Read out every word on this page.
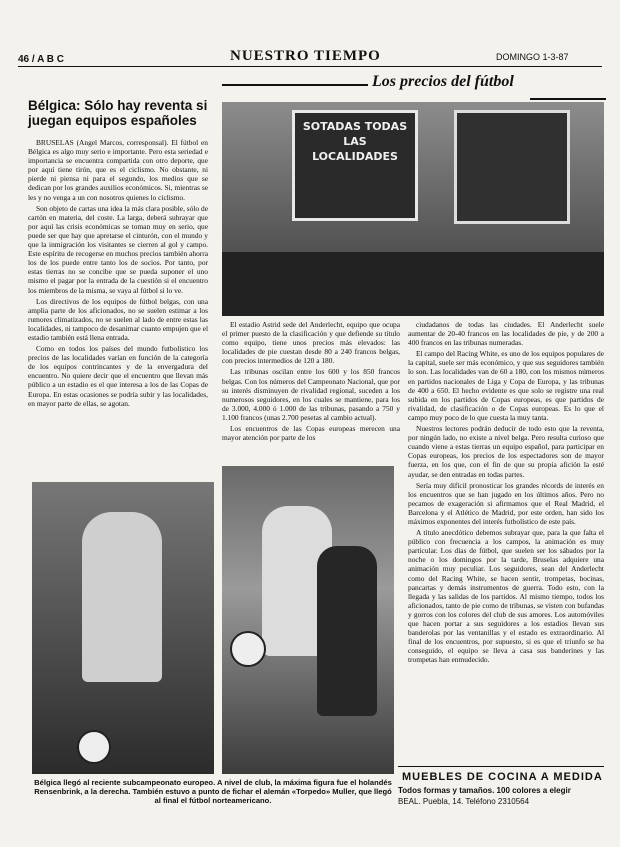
46 / A B C	NUESTRO TIEMPO	DOMINGO 1-3-87
Los precios del fútbol
Bélgica: Sólo hay reventa si juegan equipos españoles

BRUSELAS (Angel Marcos, corresponsal). El fútbol en Bélgica es algo muy serio e importante. Pero esta seriedad e importancia se encuentra compartida con otro deporte, que por aquí tiene tirón, que es el ciclismo. No obstante, ni pierde ni piensa ni para el segundo, los medios que se dedican por los grandes auxilios económicos. Si, mientras se les y no venga a un con nosotros quienes lo ciclismo.

Son objeto de cartas una idea la más clara posible, sólo de cartón en materia, del coste. La larga, deberá subrayar que por aquí las crisis económicas se toman muy en serio, que puede ser que hay que apretarse el cinturón, con el mundo y que la inmigración los visitantes se cierren al gol y campo. Este espíritu de recogerse en muchos precios también ahorra los de los puede entre tanto los de socios. Por tanto, por estas tierras no se concibe que se pueda suponer el uno mismo el pagar por la entrada de la cuestión si el encuentro los miembros de la misma, se vaya al fútbol si lo ve.

Los directivos de los equipos de fútbol belgas, con una amplia parte de los aficionados, no se suelen estimar a los rumores climatizados, no se suelen al lado de entre estas las localidades, ni tampoco de desanimar cuanto empujen que el estadio también está llena entrada.

Como en todos los países del mundo futbolístico los precios de las localidades varían en función de la categoría de los equipos contrincantes y de la envergadura del encuentro. No quiere decir que el encuentro que llevan más público a un estadio es el que interesa a los de las Copas de Europa. En estas ocasiones se podría subir y las localidades, en mayor parte de ellas, se agotan.

SOTADAS TODAS LAS LOCALIDADES

El estadio Astrid sede del Anderlecht, equipo que ocupa el primer puesto de la clasificación y que defiende su título como equipo, tiene unos precios más elevados: las localidades de pie cuestan desde 80 a 240 francos belgas, con precios intermedios de 120 a 180.

Las tribunas oscilan entre los 600 y los 850 francos belgas. Con los números del Campeonato Nacional, que por su interés disminuyen de rivalidad regional, suceden a los numerosos seguidores, en los cuales se mantiene, para los de 3.000, 4.000 ó 1.000 de las tribunas, pasando a 750 y 1.100 francos (unas 2.700 pesetas al cambio actual).

Los encuentros de las Copas europeas merecen una mayor atención por parte de los

ciudadanos de todas las ciudades. El Anderlecht suele aumentar de 20-40 francos en las localidades de pie, y de 200 a 400 francos en las tribunas numeradas.

El campo del Racing White, es uno de los equipos populares de la capital, suele ser más económico, y que sus seguidores también lo son. Las localidades van de 60 a 180, con los mismos números en partidos nacionales de Liga y Copa de Europa, y las tribunas de 400 a 650. El hecho evidente es que solo se registre una real subida en los partidos de Copas europeas, es que partidos de rivalidad, de clasificación o de Copas europeas. Es lo que el campo muy poco de lo que cuesta la muy tanta.

Nuestros lectores podrán deducir de todo esto que la reventa, por ningún lado, no existe a nivel belga. Pero resulta curioso que cuando viene a estas tierras un equipo español, para participar en Copas europeas, los precios de los espectadores son de mayor fuerza, en los que, con el fin de que su propia afición la esté ayudar, se den entradas en todas partes.

Sería muy difícil pronosticar los grandes récords de interés en los encuentros que se han jugado en los últimos años. Pero no pecamos de exageración si afirmamos que el Real Madrid, el Barcelona y el Atlético de Madrid, por este orden, han sido los máximos exponentes del interés futbolístico de este país.

A título anecdótico debemos subrayar que, para la que falta el público con frecuencia a los campos, la animación es muy particular. Los días de fútbol, que suelen ser los sábados por la noche o los domingos por la tarde, Bruselas adquiere una animación muy peculiar. Los seguidores, sean del Anderlecht como del Racing White, se hacen sentir, trompetas, bocinas, pancartas y demás instrumentos de guerra. Todo esto, con la llegada y las salidas de los partidos. Al mismo tiempo, todos los aficionados, tanto de pie como de tribunas, se visten con bufandas y gorros con los colores del club de sus amores. Los automóviles que hacen portar a sus seguidores a los estadios llevan sus banderolas por las ventanillas y el estado es extraordinario. Al final de los encuentros, por supuesto, si es que el triunfo se ha conseguido, el equipo se lleva a casa sus banderines y las trompetas han enmudecido.

Bélgica llegó al reciente subcampeonato europeo. A nivel de club, la máxima figura fue el holandés Rensenbrink, a la derecha. También estuvo a punto de fichar el alemán «Torpedo» Muller, que llegó al final el fútbol norteamericano.
MUEBLES DE COCINA A MEDIDA
Todos formas y tamaños. 100 colores a elegir
BEAL. Puebla, 14. Teléfono 2310564
